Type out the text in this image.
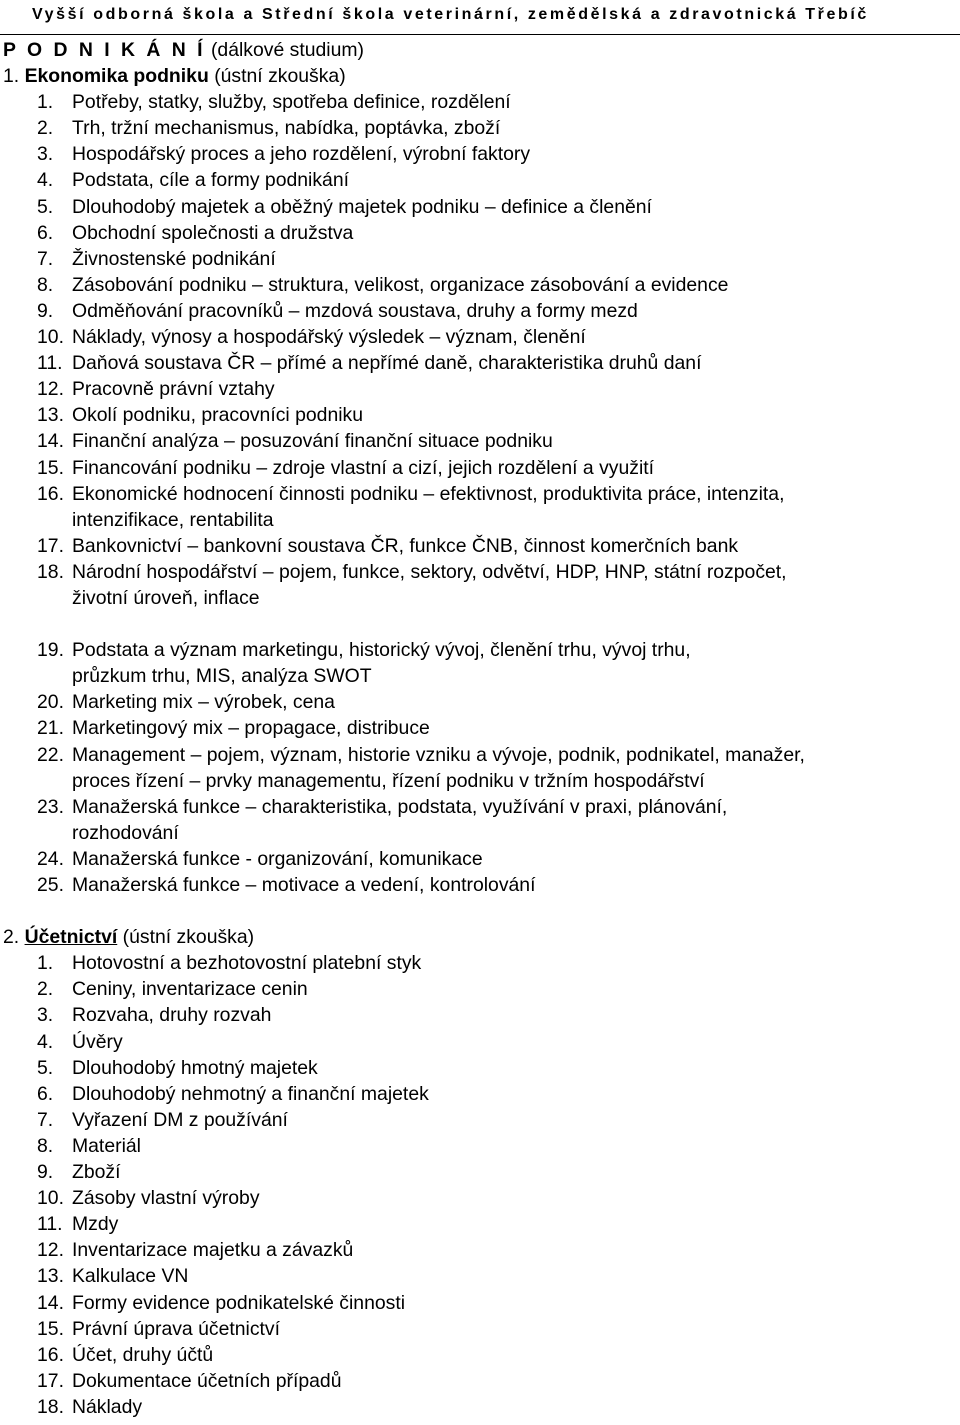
Vyšší odborná škola a Střední škola veterinární, zemědělská a zdravotnická Třebíč
P O D N I K Á N Í (dálkové studium)
1. Ekonomika podniku (ústní zkouška)
1. Potřeby, statky, služby, spotřeba definice, rozdělení

2. Trh, tržní mechanismus, nabídka, poptávka, zboží

3. Hospodářský proces a jeho rozdělení, výrobní faktory

4. Podstata, cíle a formy podnikání

5. Dlouhodobý majetek a oběžný majetek podniku – definice a členění

6. Obchodní společnosti a družstva

7. Živnostenské podnikání

8. Zásobování podniku – struktura, velikost, organizace zásobování a evidence

9. Odměňování pracovníků – mzdová soustava, druhy a formy mezd

10. Náklady, výnosy a hospodářský výsledek – význam, členění

11. Daňová soustava ČR – přímé a nepřímé daně, charakteristika druhů daní

12. Pracovně právní vztahy

13. Okolí podniku, pracovníci podniku

14. Finanční analýza – posuzování finanční situace podniku

15. Financování podniku – zdroje vlastní a cizí, jejich rozdělení a využití

16. Ekonomické hodnocení činnosti podniku – efektivnost, produktivita práce, intenzita,

intenzifikace, rentabilita
17. Bankovnictví – bankovní soustava ČR, funkce ČNB, činnost komerčních bank

18. Národní hospodářství – pojem, funkce, sektory, odvětví, HDP, HNP, státní rozpočet,

životní úroveň, inflace
19. Podstata a význam marketingu, historický vývoj, členění trhu, vývoj trhu,

průzkum trhu, MIS, analýza SWOT
20. Marketing mix – výrobek, cena

21. Marketingový mix – propagace, distribuce

22. Management – pojem, význam, historie vzniku a vývoje, podnik, podnikatel, manažer,

proces řízení – prvky managementu, řízení podniku v tržním hospodářství
23. Manažerská funkce – charakteristika, podstata, využívání v praxi, plánování,

rozhodování
24. Manažerská funkce - organizování, komunikace

25. Manažerská funkce – motivace a vedení, kontrolování

2. Účetnictví (ústní zkouška)
1. Hotovostní a bezhotovostní platební styk

2. Ceniny, inventarizace cenin

3. Rozvaha, druhy rozvah

4. Úvěry

5. Dlouhodobý hmotný majetek

6. Dlouhodobý nehmotný a finanční majetek

7. Vyřazení DM z používání

8. Materiál

9. Zboží

10. Zásoby vlastní výroby

11. Mzdy

12. Inventarizace majetku a závazků

13. Kalkulace VN

14. Formy evidence podnikatelské činnosti

15. Právní úprava účetnictví

16. Účet, druhy účtů

17. Dokumentace účetních případů

18. Náklady
